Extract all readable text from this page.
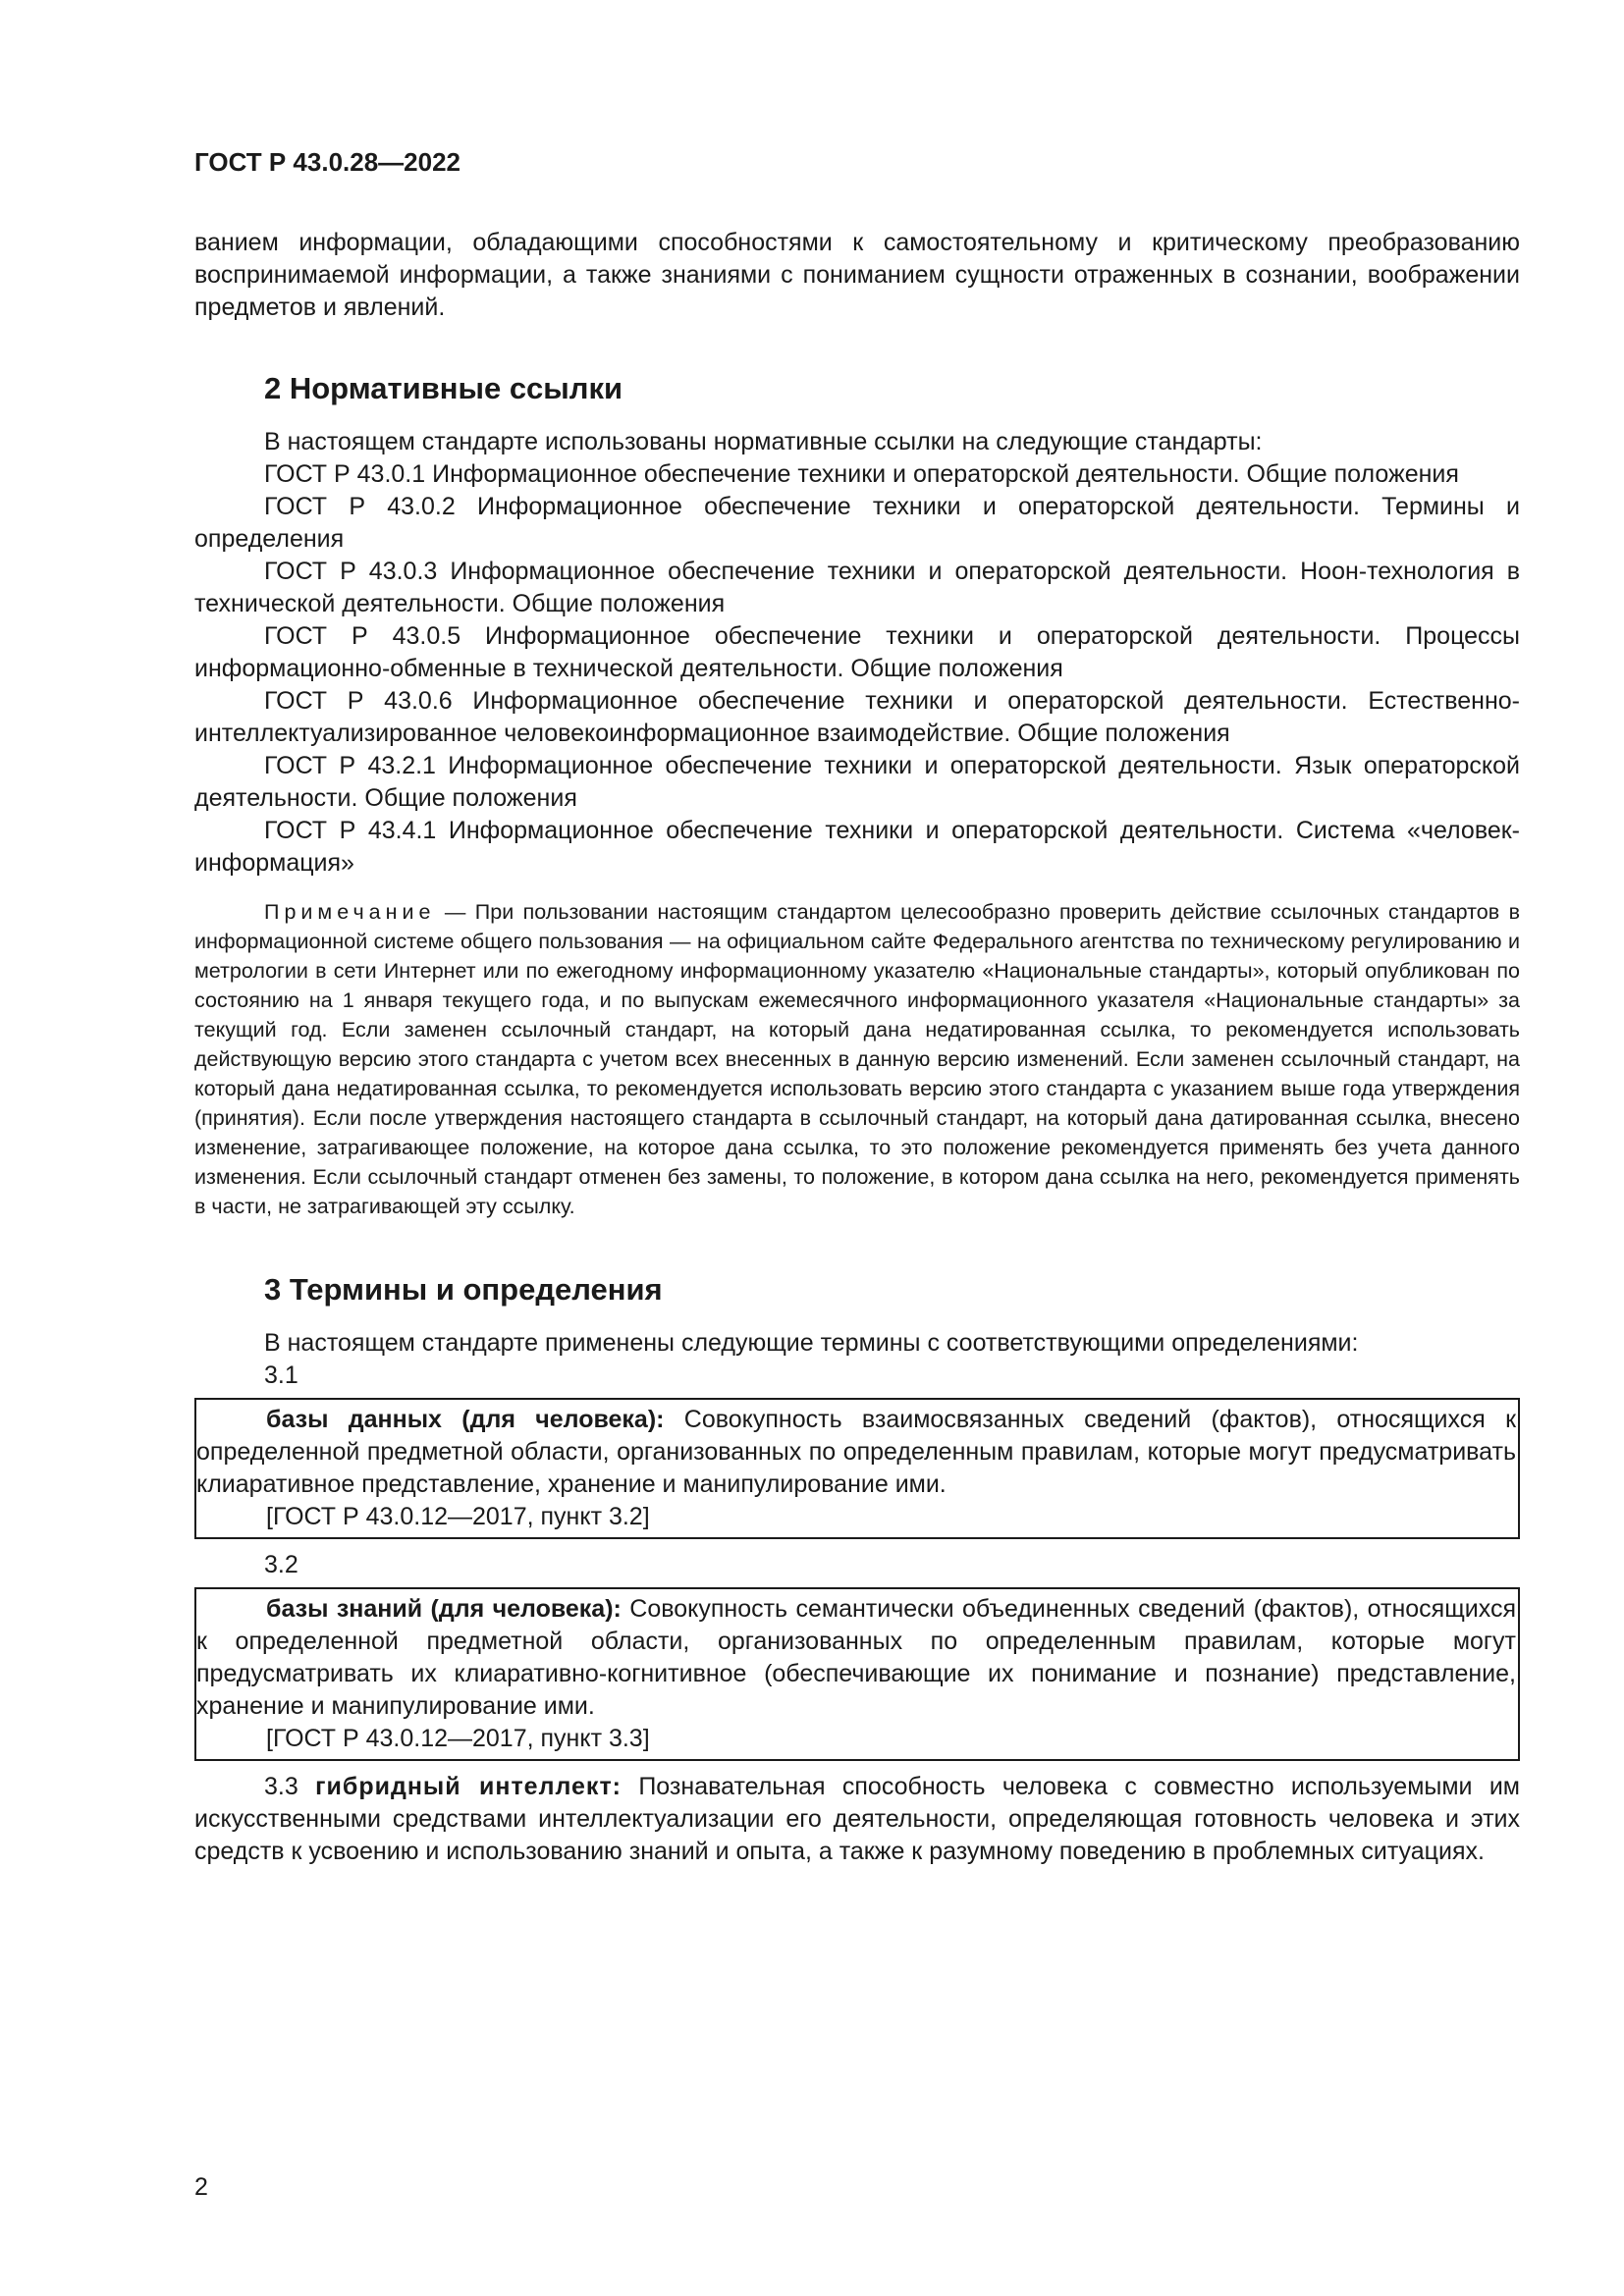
ГОСТ Р 43.0.28—2022

ванием информации, обладающими способностями к самостоятельному и критическому преобразованию воспринимаемой информации, а также знаниями с пониманием сущности отраженных в сознании, воображении предметов и явлений.

2 Нормативные ссылки

В настоящем стандарте использованы нормативные ссылки на следующие стандарты:

ГОСТ Р 43.0.1 Информационное обеспечение техники и операторской деятельности. Общие положения

ГОСТ Р 43.0.2 Информационное обеспечение техники и операторской деятельности. Термины и определения

ГОСТ Р 43.0.3 Информационное обеспечение техники и операторской деятельности. Ноон-технология в технической деятельности. Общие положения

ГОСТ Р 43.0.5 Информационное обеспечение техники и операторской деятельности. Процессы информационно-обменные в технической деятельности. Общие положения

ГОСТ Р 43.0.6 Информационное обеспечение техники и операторской деятельности. Естественно-интеллектуализированное человекоинформационное взаимодействие. Общие положения

ГОСТ Р 43.2.1 Информационное обеспечение техники и операторской деятельности. Язык операторской деятельности. Общие положения

ГОСТ Р 43.4.1 Информационное обеспечение техники и операторской деятельности. Система «человек-информация»

Примечание — При пользовании настоящим стандартом целесообразно проверить действие ссылочных стандартов в информационной системе общего пользования — на официальном сайте Федерального агентства по техническому регулированию и метрологии в сети Интернет или по ежегодному информационному указателю «Национальные стандарты», который опубликован по состоянию на 1 января текущего года, и по выпускам ежемесячного информационного указателя «Национальные стандарты» за текущий год. Если заменен ссылочный стандарт, на который дана недатированная ссылка, то рекомендуется использовать действующую версию этого стандарта с учетом всех внесенных в данную версию изменений. Если заменен ссылочный стандарт, на который дана недатированная ссылка, то рекомендуется использовать версию этого стандарта с указанием выше года утверждения (принятия). Если после утверждения настоящего стандарта в ссылочный стандарт, на который дана датированная ссылка, внесено изменение, затрагивающее положение, на которое дана ссылка, то это положение рекомендуется применять без учета данного изменения. Если ссылочный стандарт отменен без замены, то положение, в котором дана ссылка на него, рекомендуется применять в части, не затрагивающей эту ссылку.

3 Термины и определения

В настоящем стандарте применены следующие термины с соответствующими определениями:

3.1

базы данных (для человека): Совокупность взаимосвязанных сведений (фактов), относящихся к определенной предметной области, организованных по определенным правилам, которые могут предусматривать клиаративное представление, хранение и манипулирование ими.

[ГОСТ Р 43.0.12—2017, пункт 3.2]

3.2

базы знаний (для человека): Совокупность семантически объединенных сведений (фактов), относящихся к определенной предметной области, организованных по определенным правилам, которые могут предусматривать их клиаративно-когнитивное (обеспечивающие их понимание и познание) представление, хранение и манипулирование ими.

[ГОСТ Р 43.0.12—2017, пункт 3.3]

3.3 гибридный интеллект: Познавательная способность человека с совместно используемыми им искусственными средствами интеллектуализации его деятельности, определяющая готовность человека и этих средств к усвоению и использованию знаний и опыта, а также к разумному поведению в проблемных ситуациях.

2
